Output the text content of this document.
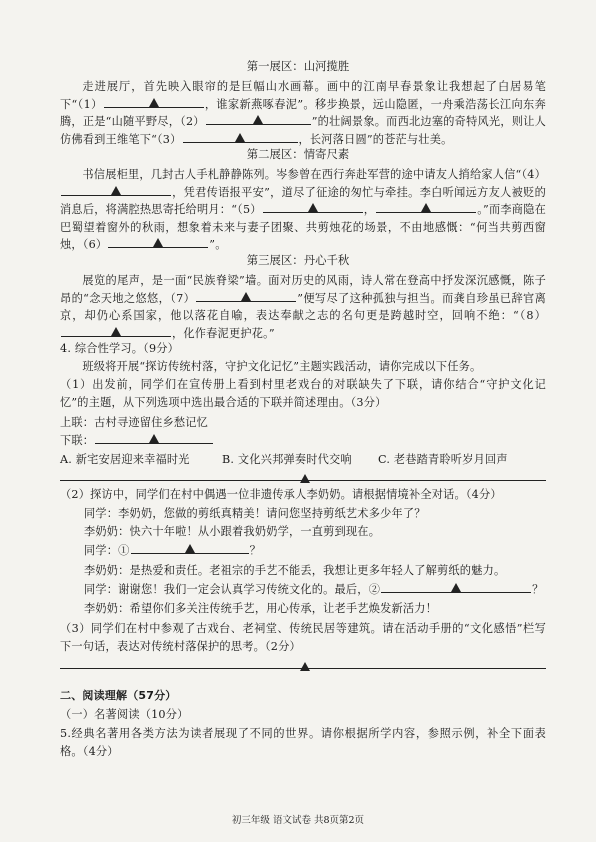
第一展区：山河揽胜

走进展厅，首先映入眼帘的是巨幅山水画幕。画中的江南早春景象让我想起了白居易笔下“（1）	，谁家新燕啄春泥”。移步换景，远山隐匿，一舟乘浩荡长江向东奔腾，正是“山随平野尽，（2）	”的壮阔景象。而西北边塞的奇特风光，则让人仿佛看到王维笔下“（3）	，长河落日圆”的苍茫与壮美。

第二展区：情寄尺素

书信展柜里，几封古人手札静静陈列。岑参曾在西行奔赴军营的途中请友人捎给家人信“（4）
，凭君传语报平安”，道尽了征途的匆忙与牵挂。李白听闻远方友人被贬的消息后，将满腔热思寄托给明月：“（5）	，	。”而李商隐在巴蜀望着窗外的秋雨，想象着未来与妻子团聚、共剪烛花的场景，不由地感慨：“何当共剪西窗烛，（6）	”。

第三展区：丹心千秋

展览的尾声，是一面“民族脊梁”墙。面对历史的风雨，诗人常在登高中抒发深沉感慨，陈子昂的“念天地之悠悠，（7）	”便写尽了这种孤独与担当。而龚自珍虽已辞官离京，却仍心系国家，他以落花自喻，表达奉献之志的名句更是跨越时空，回响不绝：“（8）
，化作春泥更护花。”

4. 综合性学习。（9分）

班级将开展“探访传统村落，守护文化记忆”主题实践活动，请你完成以下任务。

（1）出发前，同学们在宣传册上看到村里老戏台的对联缺失了下联，请你结合“守护文化记忆”的主题，从下列选项中选出最合适的下联并简述理由。（3分）

上联：古村寻迹留住乡愁记忆

下联：

A. 新宅安居迎来幸福时光	B. 文化兴邦弹奏时代交响 C. 老巷踏青聆听岁月回声

（2）探访中，同学们在村中偶遇一位非遗传承人李奶奶。请根据情境补全对话。（4分）

同学：李奶奶，您做的剪纸真精美！请问您坚持剪纸艺术多少年了？

李奶奶：快六十年啦！从小跟着我奶奶学，一直剪到现在。

同学：①	？

李奶奶：是热爱和责任。老祖宗的手艺不能丢，我想让更多年轻人了解剪纸的魅力。

同学：谢谢您！我们一定会认真学习传统文化的。最后，②	？

李奶奶：希望你们多关注传统手艺，用心传承，让老手艺焕发新活力！

（3）同学们在村中参观了古戏台、老祠堂、传统民居等建筑。请在活动手册的“文化感悟”栏写下一句话，表达对传统村落保护的思考。（2分）

二、阅读理解（57分）

（一）名著阅读（10分）

5.经典名著用各类方法为读者展现了不同的世界。请你根据所学内容，参照示例，补全下面表格。（4分）

初三年级 语文试卷 共8页第2页
